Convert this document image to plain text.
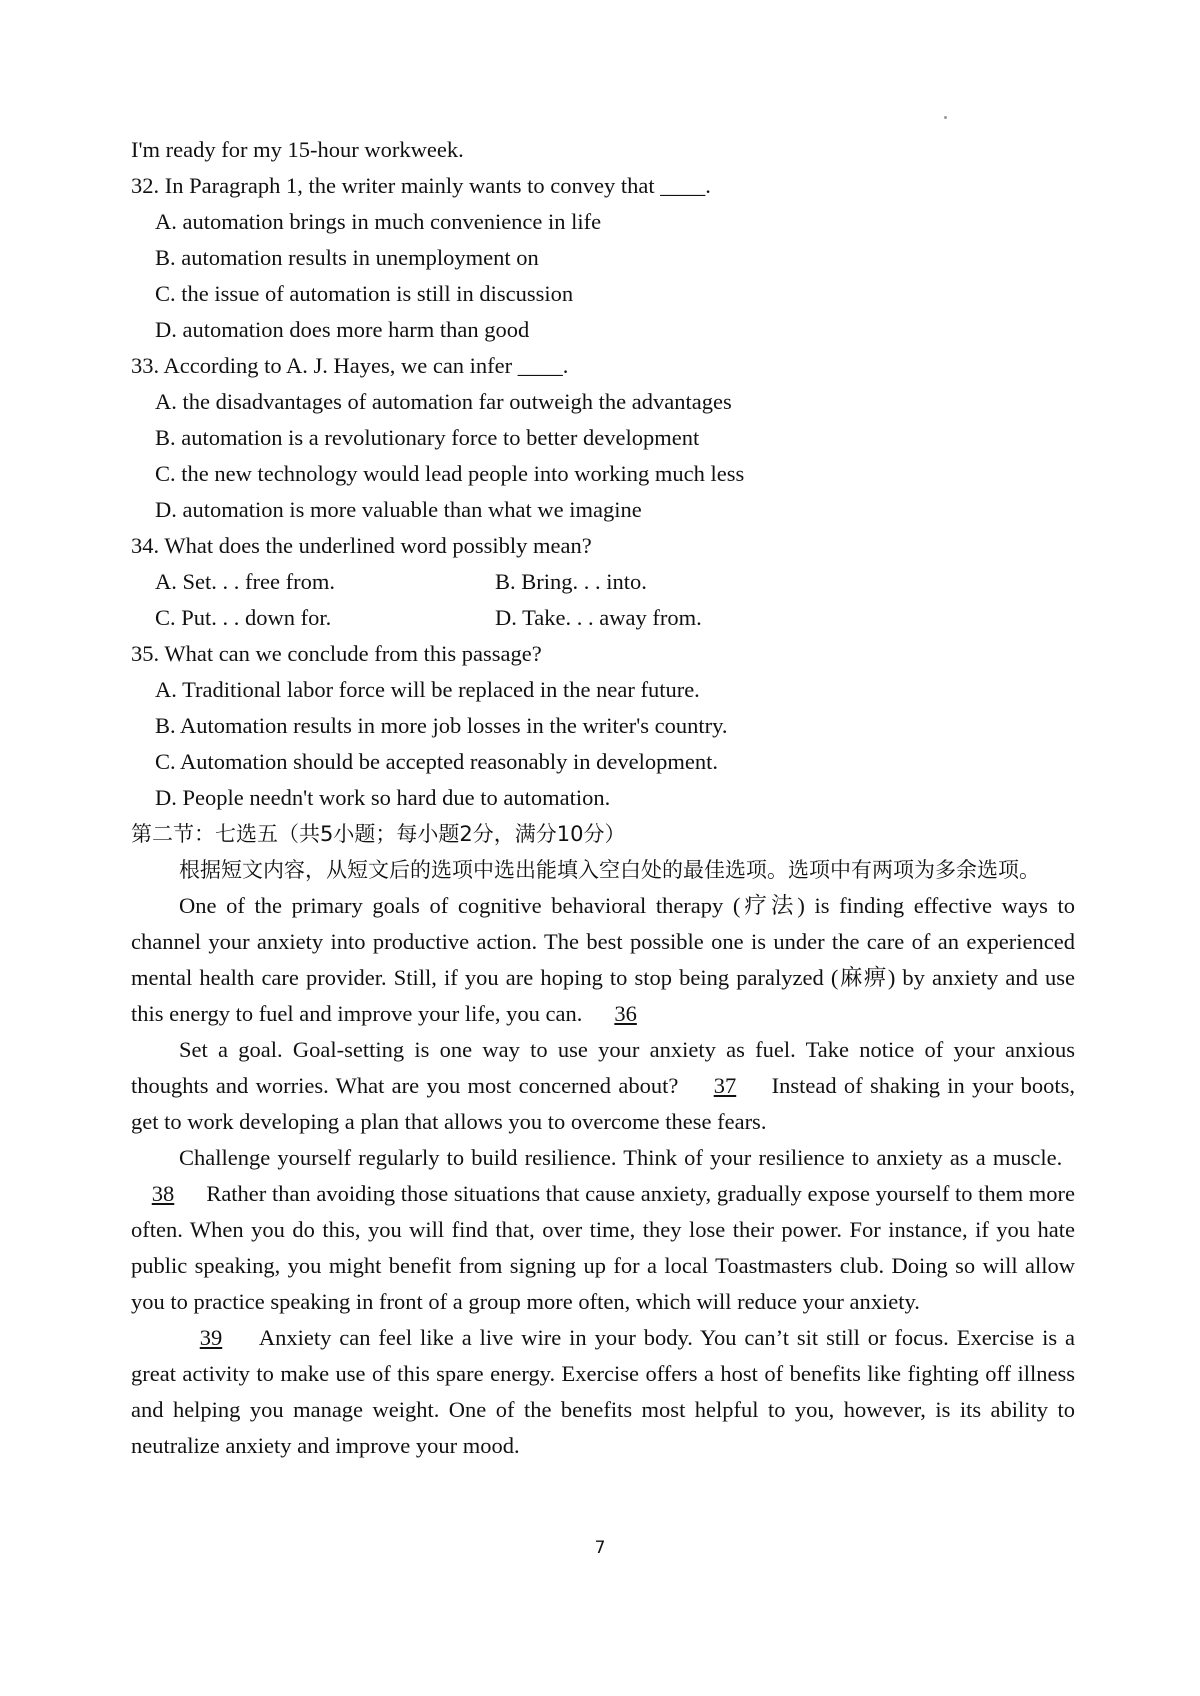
I'm ready for my 15-hour workweek.
32. In Paragraph 1, the writer mainly wants to convey that ____.
A. automation brings in much convenience in life
B. automation results in unemployment on
C. the issue of automation is still in discussion
D. automation does more harm than good
33. According to A. J. Hayes, we can infer ____.
A. the disadvantages of automation far outweigh the advantages
B. automation is a revolutionary force to better development
C. the new technology would lead people into working much less
D. automation is more valuable than what we imagine
34. What does the underlined word possibly mean?
A. Set. . . free from.	B. Bring. . . into.
C. Put. . . down for.	D. Take. . . away from.
35. What can we conclude from this passage?
A. Traditional labor force will be replaced in the near future.
B. Automation results in more job losses in the writer's country.
C. Automation should be accepted reasonably in development.
D. People needn't work so hard due to automation.
第二节：七选五（共5小题；每小题2分，满分10分）

根据短文内容，从短文后的选项中选出能填入空白处的最佳选项。选项中有两项为多余选项。

One of the primary goals of cognitive behavioral therapy (疗法) is finding effective ways to channel your anxiety into productive action. The best possible one is under the care of an experienced mental health care provider. Still, if you are hoping to stop being paralyzed (麻痹) by anxiety and use this energy to fuel and improve your life, you can. 36

Set a goal. Goal-setting is one way to use your anxiety as fuel. Take notice of your anxious thoughts and worries. What are you most concerned about? 37 Instead of shaking in your boots, get to work developing a plan that allows you to overcome these fears.

Challenge yourself regularly to build resilience. Think of your resilience to anxiety as a muscle.  38 Rather than avoiding those situations that cause anxiety, gradually expose yourself to them more often. When you do this, you will find that, over time, they lose their power. For instance, if you hate public speaking, you might benefit from signing up for a local Toastmasters club. Doing so will allow you to practice speaking in front of a group more often, which will reduce your anxiety.

39 Anxiety can feel like a live wire in your body. You can’t sit still or focus. Exercise is a great activity to make use of this spare energy. Exercise offers a host of benefits like fighting off illness and helping you manage weight. One of the benefits most helpful to you, however, is its ability to neutralize anxiety and improve your mood.

7
